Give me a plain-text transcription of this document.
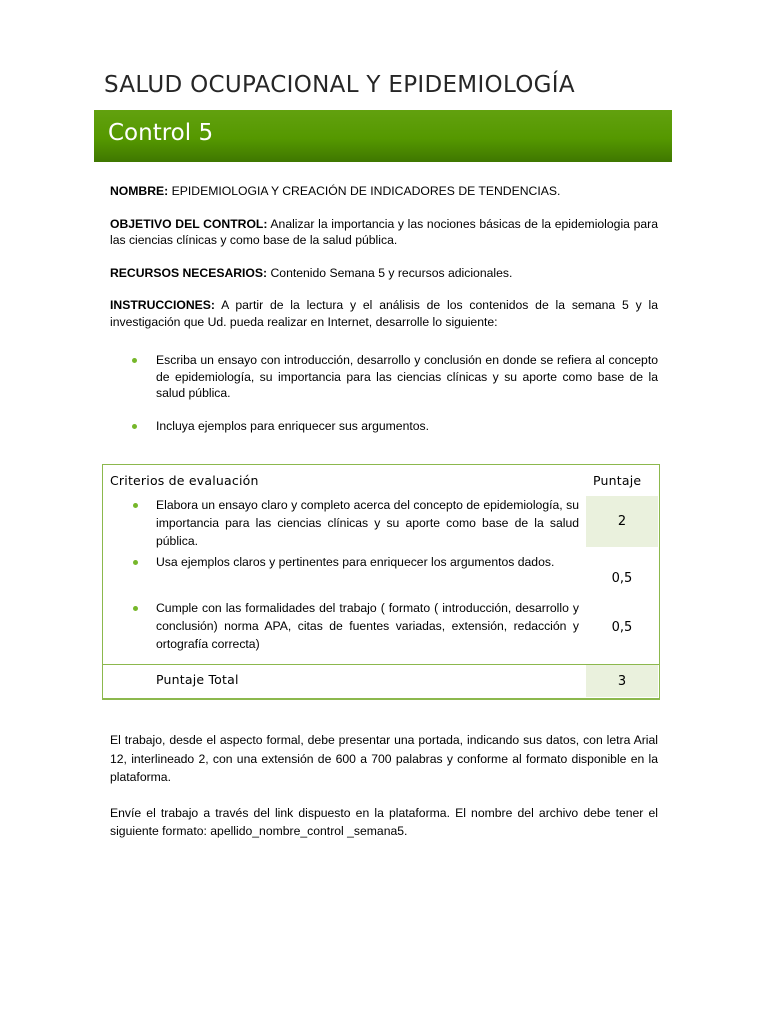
SALUD OCUPACIONAL Y EPIDEMIOLOGÍA
Control 5

NOMBRE: EPIDEMIOLOGIA Y CREACIÓN DE INDICADORES DE TENDENCIAS.

OBJETIVO DEL CONTROL: Analizar la importancia y las nociones básicas de la epidemiologia para las ciencias clínicas y como base de la salud pública.

RECURSOS NECESARIOS: Contenido Semana 5 y recursos adicionales.

INSTRUCCIONES: A partir de la lectura y el análisis de los contenidos de la semana 5 y la investigación que Ud. pueda realizar en Internet, desarrolle lo siguiente:

Escriba un ensayo con introducción, desarrollo y conclusión en donde se refiera al concepto de epidemiología, su importancia para las ciencias clínicas y su aporte como base de la salud pública.
Incluya ejemplos para enriquecer sus argumentos.
Criterios de evaluación	Puntaje
Elabora un ensayo claro y completo acerca del concepto de epidemiología, su importancia para las ciencias clínicas y su aporte como base de la salud pública.
2
Usa ejemplos claros y pertinentes para enriquecer los argumentos dados.
0,5
Cumple con las formalidades del trabajo ( formato ( introducción, desarrollo y conclusión) norma APA, citas de fuentes variadas, extensión, redacción y ortografía correcta)
0,5
Puntaje Total	3

El trabajo, desde el aspecto formal, debe presentar una portada, indicando sus datos, con letra Arial 12, interlineado 2, con una extensión de 600 a 700 palabras y conforme al formato disponible en la plataforma.

Envíe el trabajo a través del link dispuesto en la plataforma. El nombre del archivo debe tener el siguiente formato: apellido_nombre_control _semana5.
